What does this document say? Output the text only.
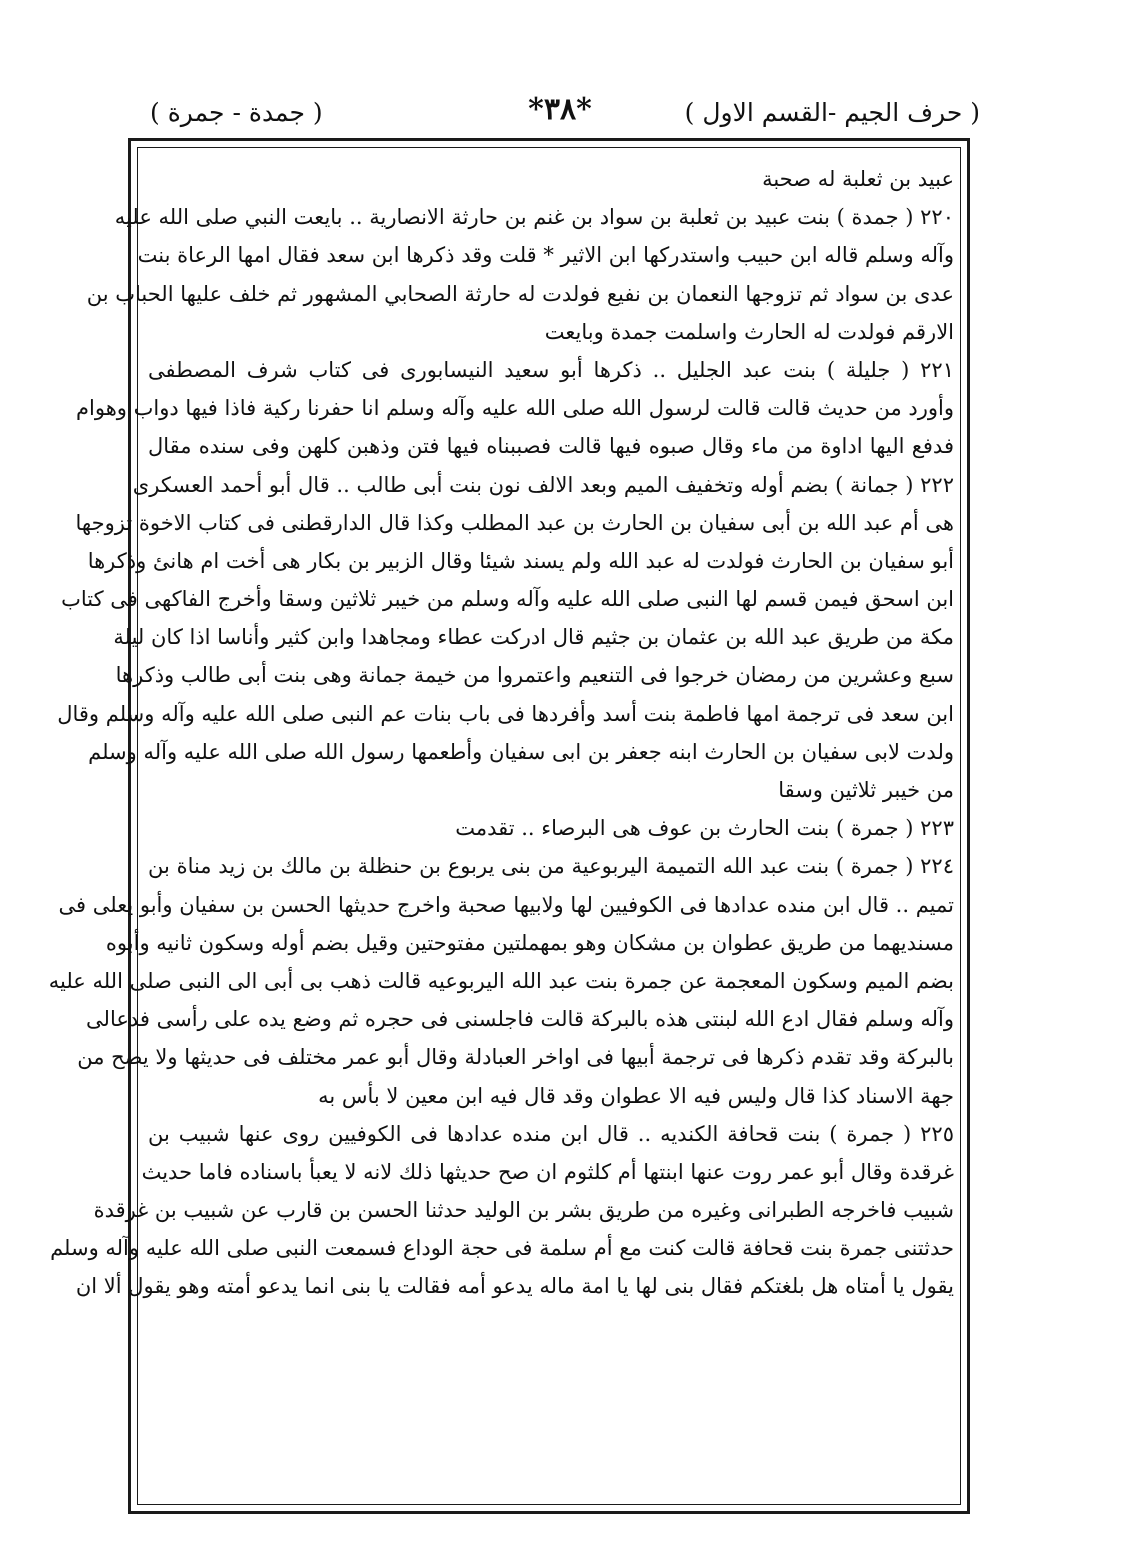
( حرف الجيم -القسم الاول )
*٣٨*
( جمدة - جمرة )
عبيد بن ثعلبة له صحبة
٢٢٠ ( جمدة ) بنت عبيد بن ثعلبة بن سواد بن غنم بن حارثة الانصارية .. بايعت النبي صلى الله عليه
وآله وسلم قاله ابن حبيب واستدركها ابن الاثير * قلت وقد ذكرها ابن سعد فقال امها الرعاة بنت
عدى بن سواد ثم تزوجها النعمان بن نفيع فولدت له حارثة الصحابي المشهور ثم خلف عليها الحباب بن
الارقم فولدت له الحارث واسلمت جمدة وبايعت
٢٢١ ( جليلة ) بنت عبد الجليل .. ذكرها أبو سعيد النيسابورى فى كتاب شرف المصطفى
وأورد من حديث قالت قالت لرسول الله صلى الله عليه وآله وسلم انا حفرنا ركية فاذا فيها دواب وهوام
فدفع اليها اداوة من ماء وقال صبوه فيها قالت فصببناه فيها فتن وذهبن كلهن وفى سنده مقال
٢٢٢ ( جمانة ) بضم أوله وتخفيف الميم وبعد الالف نون بنت أبى طالب .. قال أبو أحمد العسكرى
هى أم عبد الله بن أبى سفيان بن الحارث بن عبد المطلب وكذا قال الدارقطنى فى كتاب الاخوة تزوجها
أبو سفيان بن الحارث فولدت له عبد الله ولم يسند شيئا وقال الزبير بن بكار هى أخت ام هانئ وذكرها
ابن اسحق فيمن قسم لها النبى صلى الله عليه وآله وسلم من خيبر ثلاثين وسقا وأخرج الفاكهى فى كتاب
مكة من طريق عبد الله بن عثمان بن جثيم قال ادركت عطاء ومجاهدا وابن كثير وأناسا اذا كان ليلة
سبع وعشرين من رمضان خرجوا فى التنعيم واعتمروا من خيمة جمانة وهى بنت أبى طالب وذكرها
ابن سعد فى ترجمة امها فاطمة بنت أسد وأفردها فى باب بنات عم النبى صلى الله عليه وآله وسلم وقال
ولدت لابى سفيان بن الحارث ابنه جعفر بن ابى سفيان وأطعمها رسول الله صلى الله عليه وآله وسلم
من خيبر ثلاثين وسقا
٢٢٣ ( جمرة ) بنت الحارث بن عوف هى البرصاء .. تقدمت
٢٢٤ ( جمرة ) بنت عبد الله التميمة اليربوعية من بنى يربوع بن حنظلة بن مالك بن زيد مناة بن
تميم .. قال ابن منده عدادها فى الكوفيين لها ولابيها صحبة واخرج حديثها الحسن بن سفيان وأبو يعلى فى
مسنديهما من طريق عطوان بن مشكان وهو بمهملتين مفتوحتين وقيل بضم أوله وسكون ثانيه وأبوه
بضم الميم وسكون المعجمة عن جمرة بنت عبد الله اليربوعيه قالت ذهب بى أبى الى النبى صلى الله عليه
وآله وسلم فقال ادع الله لبنتى هذه بالبركة قالت فاجلسنى فى حجره ثم وضع يده على رأسى فدعالى
بالبركة وقد تقدم ذكرها فى ترجمة أبيها فى اواخر العبادلة وقال أبو عمر مختلف فى حديثها ولا يصح من
جهة الاسناد كذا قال وليس فيه الا عطوان وقد قال فيه ابن معين لا بأس به
٢٢٥ ( جمرة ) بنت قحافة الكنديه .. قال ابن منده عدادها فى الكوفيين روى عنها شبيب بن
غرقدة وقال أبو عمر روت عنها ابنتها أم كلثوم ان صح حديثها ذلك لانه لا يعبأ باسناده فاما حديث
شبيب فاخرجه الطبرانى وغيره من طريق بشر بن الوليد حدثنا الحسن بن قارب عن شبيب بن غرقدة
حدثتنى جمرة بنت قحافة قالت كنت مع أم سلمة فى حجة الوداع فسمعت النبى صلى الله عليه وآله وسلم
يقول يا أمتاه هل بلغتكم فقال بنى لها يا امة ماله يدعو أمه فقالت يا بنى انما يدعو أمته وهو يقول ألا ان
